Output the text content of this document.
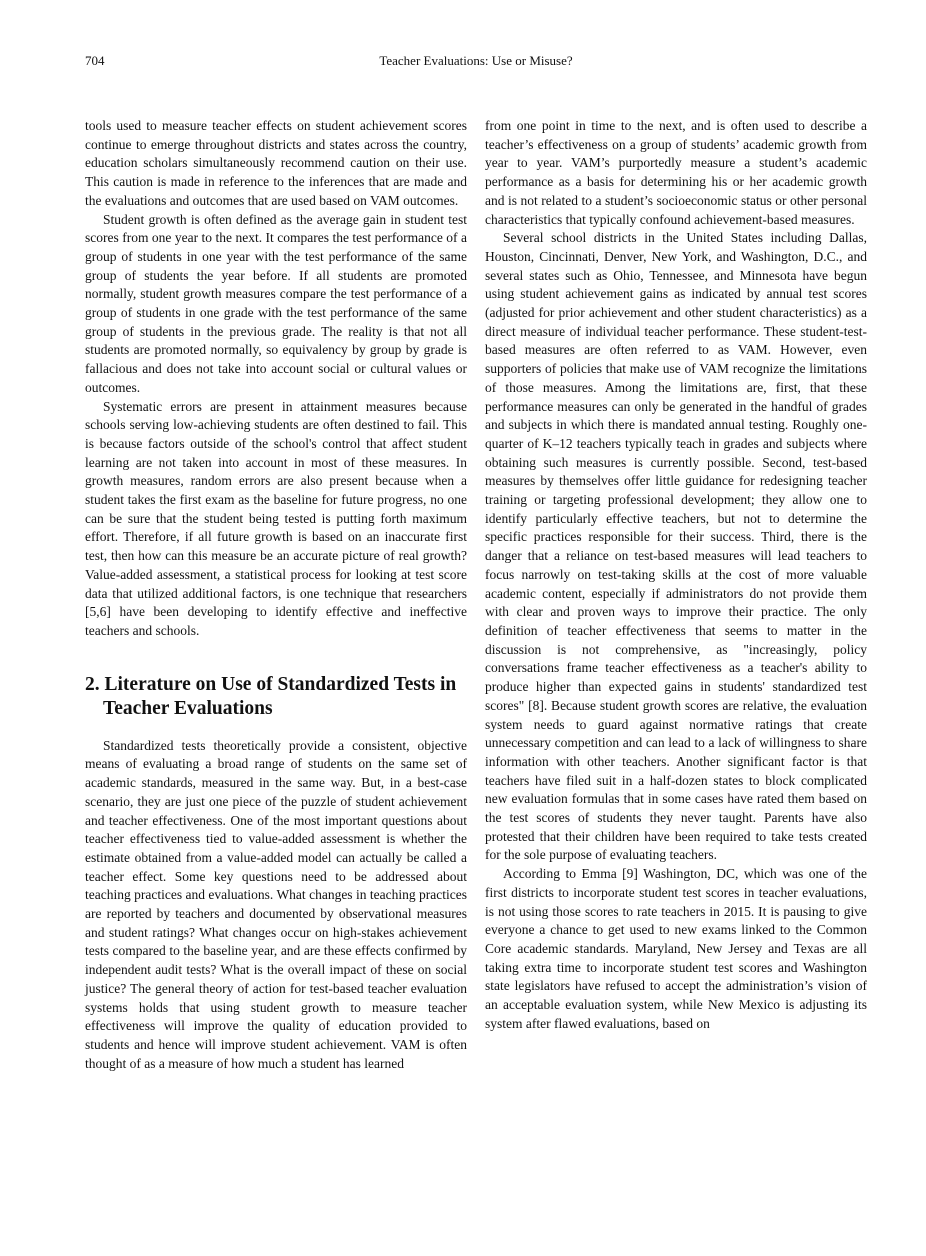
704	Teacher Evaluations: Use or Misuse?

tools used to measure teacher effects on student achievement scores continue to emerge throughout districts and states across the country, education scholars simultaneously recommend caution on their use. This caution is made in reference to the inferences that are made and the evaluations and outcomes that are used based on VAM outcomes.

Student growth is often defined as the average gain in student test scores from one year to the next. It compares the test performance of a group of students in one year with the test performance of the same group of students the year before. If all students are promoted normally, student growth measures compare the test performance of a group of students in one grade with the test performance of the same group of students in the previous grade. The reality is that not all students are promoted normally, so equivalency by group by grade is fallacious and does not take into account social or cultural values or outcomes.

Systematic errors are present in attainment measures because schools serving low-achieving students are often destined to fail. This is because factors outside of the school's control that affect student learning are not taken into account in most of these measures. In growth measures, random errors are also present because when a student takes the first exam as the baseline for future progress, no one can be sure that the student being tested is putting forth maximum effort. Therefore, if all future growth is based on an inaccurate first test, then how can this measure be an accurate picture of real growth? Value-added assessment, a statistical process for looking at test score data that utilized additional factors, is one technique that researchers [5,6] have been developing to identify effective and ineffective teachers and schools.

2. Literature on Use of Standardized Tests in Teacher Evaluations

Standardized tests theoretically provide a consistent, objective means of evaluating a broad range of students on the same set of academic standards, measured in the same way. But, in a best-case scenario, they are just one piece of the puzzle of student achievement and teacher effectiveness. One of the most important questions about teacher effectiveness tied to value-added assessment is whether the estimate obtained from a value-added model can actually be called a teacher effect. Some key questions need to be addressed about teaching practices and evaluations. What changes in teaching practices are reported by teachers and documented by observational measures and student ratings? What changes occur on high-stakes achievement tests compared to the baseline year, and are these effects confirmed by independent audit tests? What is the overall impact of these on social justice? The general theory of action for test-based teacher evaluation systems holds that using student growth to measure teacher effectiveness will improve the quality of education provided to students and hence will improve student achievement. VAM is often thought of as a measure of how much a student has learned

from one point in time to the next, and is often used to describe a teacher’s effectiveness on a group of students’ academic growth from year to year. VAM’s purportedly measure a student’s academic performance as a basis for determining his or her academic growth and is not related to a student’s socioeconomic status or other personal characteristics that typically confound achievement-based measures.

Several school districts in the United States including Dallas, Houston, Cincinnati, Denver, New York, and Washington, D.C., and several states such as Ohio, Tennessee, and Minnesota have begun using student achievement gains as indicated by annual test scores (adjusted for prior achievement and other student characteristics) as a direct measure of individual teacher performance. These student-test-based measures are often referred to as VAM. However, even supporters of policies that make use of VAM recognize the limitations of those measures. Among the limitations are, first, that these performance measures can only be generated in the handful of grades and subjects in which there is mandated annual testing. Roughly one-quarter of K–12 teachers typically teach in grades and subjects where obtaining such measures is currently possible. Second, test-based measures by themselves offer little guidance for redesigning teacher training or targeting professional development; they allow one to identify particularly effective teachers, but not to determine the specific practices responsible for their success. Third, there is the danger that a reliance on test-based measures will lead teachers to focus narrowly on test-taking skills at the cost of more valuable academic content, especially if administrators do not provide them with clear and proven ways to improve their practice. The only definition of teacher effectiveness that seems to matter in the discussion is not comprehensive, as "increasingly, policy conversations frame teacher effectiveness as a teacher's ability to produce higher than expected gains in students' standardized test scores" [8]. Because student growth scores are relative, the evaluation system needs to guard against normative ratings that create unnecessary competition and can lead to a lack of willingness to share information with other teachers. Another significant factor is that teachers have filed suit in a half-dozen states to block complicated new evaluation formulas that in some cases have rated them based on the test scores of students they never taught. Parents have also protested that their children have been required to take tests created for the sole purpose of evaluating teachers.

According to Emma [9] Washington, DC, which was one of the first districts to incorporate student test scores in teacher evaluations, is not using those scores to rate teachers in 2015. It is pausing to give everyone a chance to get used to new exams linked to the Common Core academic standards. Maryland, New Jersey and Texas are all taking extra time to incorporate student test scores and Washington state legislators have refused to accept the administration’s vision of an acceptable evaluation system, while New Mexico is adjusting its system after flawed evaluations, based on
